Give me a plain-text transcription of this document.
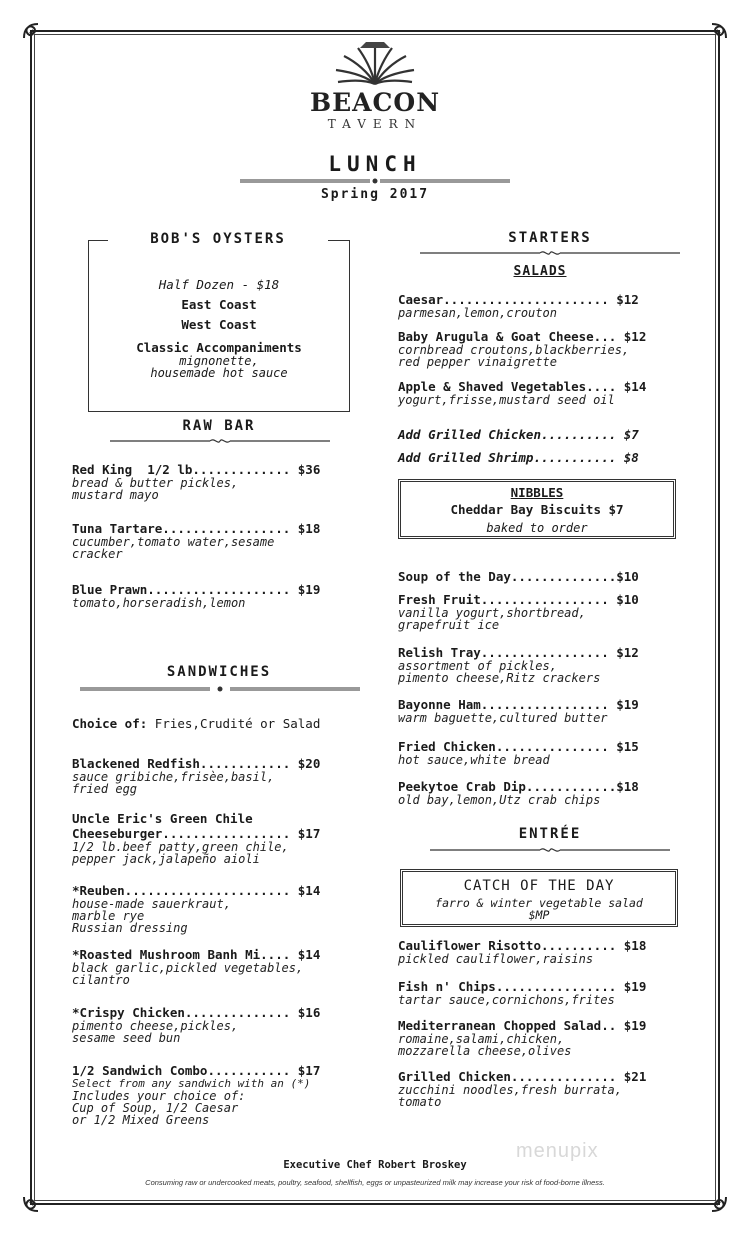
BEACON
TAVERN
LUNCH
Spring 2017
BOB'S OYSTERS
Half Dozen - $18
East Coast
West Coast
Classic Accompaniments
mignonette,
housemade hot sauce
RAW BAR
Red King  1/2 lb............. $36
bread & butter pickles,
mustard mayo
Tuna Tartare................. $18
cucumber,tomato water,sesame
cracker
Blue Prawn................... $19
tomato,horseradish,lemon
SANDWICHES
Choice of: Fries,Crudité or Salad
Blackened Redfish............ $20
sauce gribiche,frisèe,basil,
fried egg
Uncle Eric's Green Chile
Cheeseburger................. $17
1/2 lb.beef patty,green chile,
pepper jack,jalapeño aioli
*Reuben...................... $14
house-made sauerkraut,
marble rye
Russian dressing
*Roasted Mushroom Banh Mi.... $14
black garlic,pickled vegetables,
cilantro
*Crispy Chicken.............. $16
pimento cheese,pickles,
sesame seed bun
1/2 Sandwich Combo........... $17
Select from any sandwich with an (*)
Includes your choice of:
Cup of Soup, 1/2 Caesar
or 1/2 Mixed Greens
STARTERS
SALADS
Caesar...................... $12
parmesan,lemon,crouton
Baby Arugula & Goat Cheese... $12
cornbread croutons,blackberries,
red pepper vinaigrette
Apple & Shaved Vegetables.... $14
yogurt,frisse,mustard seed oil
Add Grilled Chicken.......... $7
Add Grilled Shrimp........... $8
NIBBLES
Cheddar Bay Biscuits $7
baked to order
Soup of the Day..............$10
Fresh Fruit................. $10
vanilla yogurt,shortbread,
grapefruit ice
Relish Tray................. $12
assortment of pickles,
pimento cheese,Ritz crackers
Bayonne Ham................. $19
warm baguette,cultured butter
Fried Chicken............... $15
hot sauce,white bread
Peekytoe Crab Dip............$18
old bay,lemon,Utz crab chips
ENTRÉE
CATCH OF THE DAY
farro & winter vegetable salad
$MP
Cauliflower Risotto.......... $18
pickled cauliflower,raisins
Fish n' Chips................ $19
tartar sauce,cornichons,frites
Mediterranean Chopped Salad.. $19
romaine,salami,chicken,
mozzarella cheese,olives
Grilled Chicken.............. $21
zucchini noodles,fresh burrata,
tomato
menupix
Executive Chef Robert Broskey
Consuming raw or undercooked meats, poultry, seafood, shellfish, eggs or unpasteurized milk may increase your risk of food-borne illness.
